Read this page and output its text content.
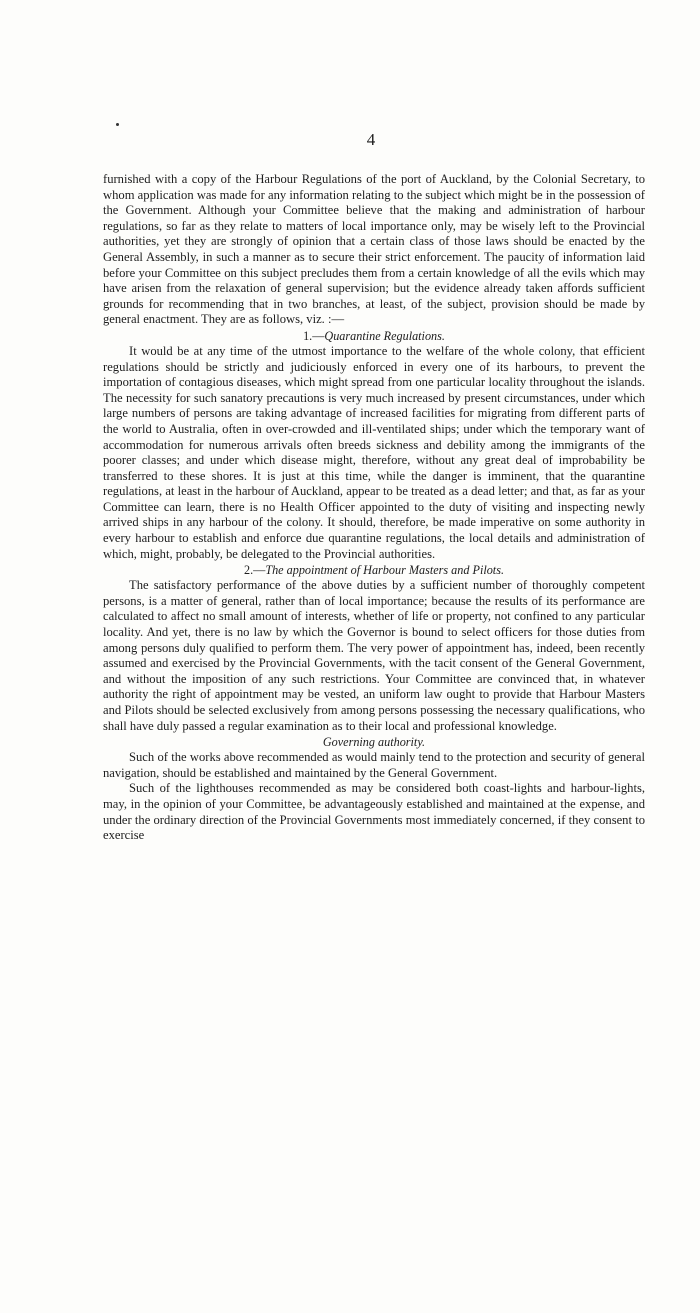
4

furnished with a copy of the Harbour Regulations of the port of Auckland, by the Colonial Secretary, to whom application was made for any information relating to the subject which might be in the possession of the Government. Although your Committee believe that the making and administration of harbour regulations, so far as they relate to matters of local importance only, may be wisely left to the Provincial authorities, yet they are strongly of opinion that a certain class of those laws should be enacted by the General Assembly, in such a manner as to secure their strict enforcement. The paucity of information laid before your Committee on this subject precludes them from a certain knowledge of all the evils which may have arisen from the relaxation of general supervision; but the evidence already taken affords sufficient grounds for recommending that in two branches, at least, of the subject, provision should be made by general enactment. They are as follows, viz. :—

1.—Quarantine Regulations.

It would be at any time of the utmost importance to the welfare of the whole colony, that efficient regulations should be strictly and judiciously enforced in every one of its harbours, to prevent the importation of contagious diseases, which might spread from one particular locality throughout the islands. The necessity for such sanatory precautions is very much increased by present circumstances, under which large numbers of persons are taking advantage of increased facilities for migrating from different parts of the world to Australia, often in over-crowded and ill-ventilated ships; under which the temporary want of accommodation for numerous arrivals often breeds sickness and debility among the immigrants of the poorer classes; and under which disease might, therefore, without any great deal of improbability be transferred to these shores. It is just at this time, while the danger is imminent, that the quarantine regulations, at least in the harbour of Auckland, appear to be treated as a dead letter; and that, as far as your Committee can learn, there is no Health Officer appointed to the duty of visiting and inspecting newly arrived ships in any harbour of the colony. It should, therefore, be made imperative on some authority in every harbour to establish and enforce due quarantine regulations, the local details and administration of which, might, probably, be delegated to the Provincial authorities.

2.—The appointment of Harbour Masters and Pilots.

The satisfactory performance of the above duties by a sufficient number of thoroughly competent persons, is a matter of general, rather than of local importance; because the results of its performance are calculated to affect no small amount of interests, whether of life or property, not confined to any particular locality. And yet, there is no law by which the Governor is bound to select officers for those duties from among persons duly qualified to perform them. The very power of appointment has, indeed, been recently assumed and exercised by the Provincial Governments, with the tacit consent of the General Government, and without the imposition of any such restrictions. Your Committee are convinced that, in whatever authority the right of appointment may be vested, an uniform law ought to provide that Harbour Masters and Pilots should be selected exclusively from among persons possessing the necessary qualifications, who shall have duly passed a regular examination as to their local and professional knowledge.

Governing authority.

Such of the works above recommended as would mainly tend to the protection and security of general navigation, should be established and maintained by the General Government.

Such of the lighthouses recommended as may be considered both coast-lights and harbour-lights, may, in the opinion of your Committee, be advantageously established and maintained at the expense, and under the ordinary direction of the Provincial Governments most immediately concerned, if they consent to exercise
